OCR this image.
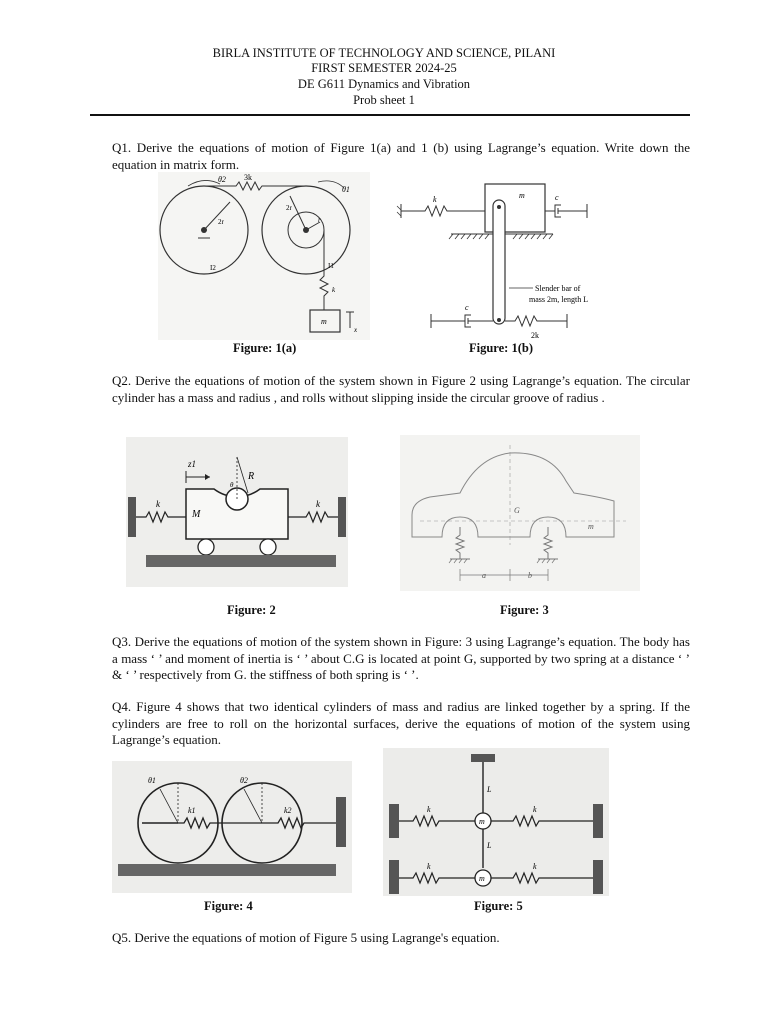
BIRLA INSTITUTE OF TECHNOLOGY AND SCIENCE, PILANI
FIRST SEMESTER 2024-25
DE G611 Dynamics and Vibration
Prob sheet 1
Q1. Derive the equations of motion of Figure 1(a) and 1 (b) using Lagrange’s equation. Write down the equation in matrix form.
θ2
θ1
3k
2r
2r
r
I2	I1
k
m
x
Figure: 1(a)
k	m	c
Slender bar of
mass 2m, length L
c
2k
Figure: 1(b)
Q2. Derive the equations of motion of the system shown in Figure 2 using Lagrange’s equation. The circular cylinder has a mass and radius , and rolls without slipping inside the circular groove of radius .
k	k
M
R
θ
z1
Figure: 2
G
m
a	b
Figure: 3
Q3. Derive the equations of motion of the system shown in Figure: 3 using Lagrange’s equation. The body has a mass ‘ ’ and moment of inertia is ‘ ’ about C.G is located at point G, supported by two spring at a distance ‘ ’ & ‘ ’ respectively from G. the stiffness of both spring is ‘ ’.
Q4. Figure 4 shows that two identical cylinders of mass and radius are linked together by a spring. If the cylinders are free to roll on the horizontal surfaces, derive the equations of motion of the system using Lagrange’s equation.
θ1	θ2
k1	k2
Figure: 4
L
L
k	k
k	k
m
m
Figure: 5
Q5. Derive the equations of motion of Figure 5 using Lagrange's equation.
